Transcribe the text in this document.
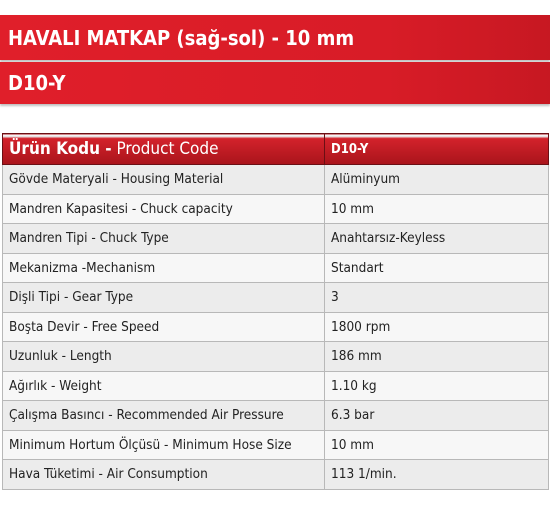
HAVALI MATKAP (sağ-sol) - 10 mm
D10-Y
Ürün Kodu - Product Code	D10-Y
Gövde Materyali - Housing Material	Alüminyum
Mandren Kapasitesi - Chuck capacity	10 mm
Mandren Tipi - Chuck Type	Anahtarsız-Keyless
Mekanizma -Mechanism	Standart
Dişli Tipi - Gear Type	3
Boşta Devir - Free Speed	1800 rpm
Uzunluk - Length	186 mm
Ağırlık - Weight	1.10 kg
Çalışma Basıncı - Recommended Air Pressure	6.3 bar
Minimum Hortum Ölçüsü - Minimum Hose Size	10 mm
Hava Tüketimi - Air Consumption	113 1/min.
